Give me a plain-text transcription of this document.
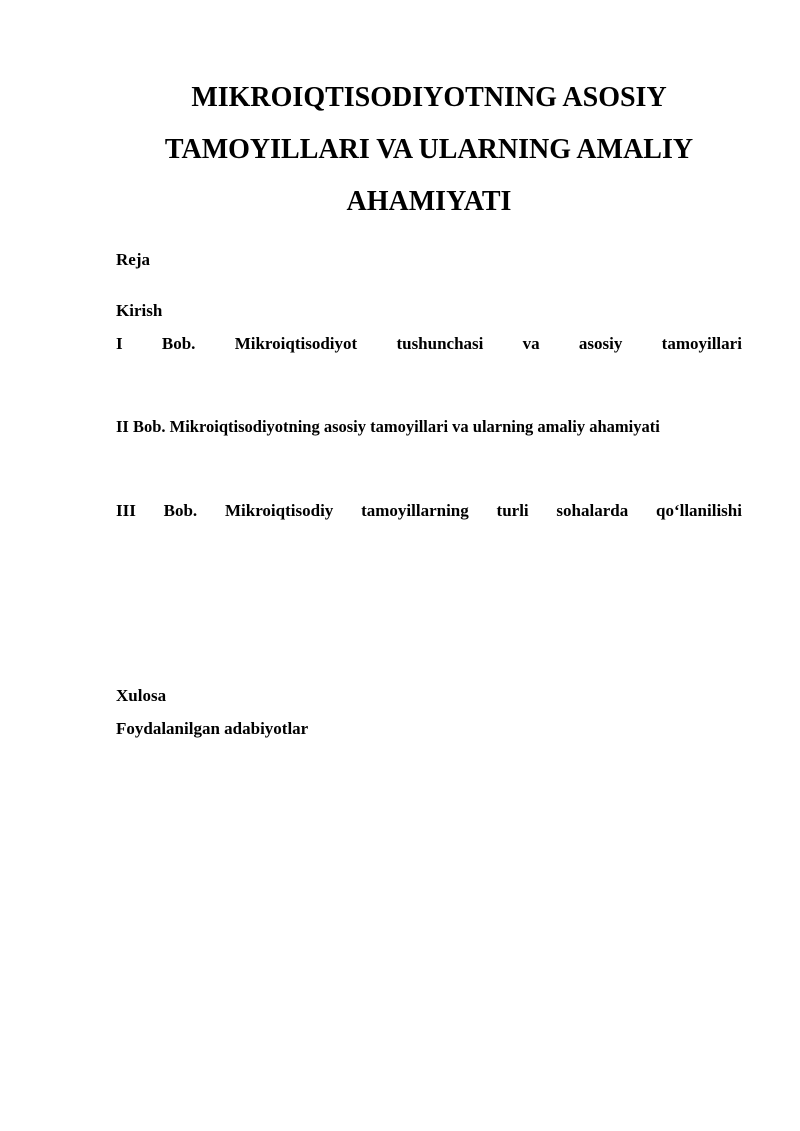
MIKROIQTISODIYOTNING ASOSIY
TAMOYILLARI VA ULARNING AMALIY
AHAMIYATI

Reja

Kirish

I Bob. Mikroiqtisodiyot tushunchasi va asosiy tamoyillari

II Bob. Mikroiqtisodiyotning asosiy tamoyillari va ularning amaliy ahamiyati

III Bob. Mikroiqtisodiy tamoyillarning turli sohalarda qo‘llanilishi

Xulosa

Foydalanilgan adabiyotlar
